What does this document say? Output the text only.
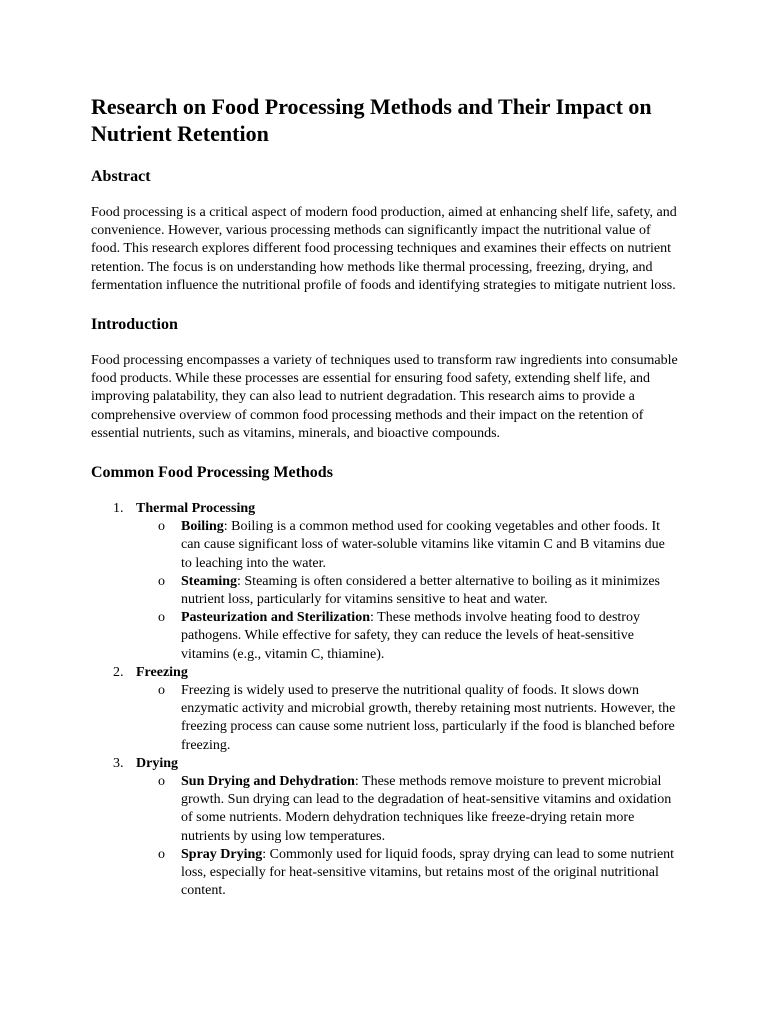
Research on Food Processing Methods and Their Impact on Nutrient Retention
Abstract

Food processing is a critical aspect of modern food production, aimed at enhancing shelf life, safety, and convenience. However, various processing methods can significantly impact the nutritional value of food. This research explores different food processing techniques and examines their effects on nutrient retention. The focus is on understanding how methods like thermal processing, freezing, drying, and fermentation influence the nutritional profile of foods and identifying strategies to mitigate nutrient loss.

Introduction

Food processing encompasses a variety of techniques used to transform raw ingredients into consumable food products. While these processes are essential for ensuring food safety, extending shelf life, and improving palatability, they can also lead to nutrient degradation. This research aims to provide a comprehensive overview of common food processing methods and their impact on the retention of essential nutrients, such as vitamins, minerals, and bioactive compounds.

Common Food Processing Methods
1. Thermal Processing
o Boiling: Boiling is a common method used for cooking vegetables and other foods. It can cause significant loss of water-soluble vitamins like vitamin C and B vitamins due to leaching into the water.
o Steaming: Steaming is often considered a better alternative to boiling as it minimizes nutrient loss, particularly for vitamins sensitive to heat and water.
o Pasteurization and Sterilization: These methods involve heating food to destroy pathogens. While effective for safety, they can reduce the levels of heat-sensitive vitamins (e.g., vitamin C, thiamine).
2. Freezing
o Freezing is widely used to preserve the nutritional quality of foods. It slows down enzymatic activity and microbial growth, thereby retaining most nutrients. However, the freezing process can cause some nutrient loss, particularly if the food is blanched before freezing.
3. Drying
o Sun Drying and Dehydration: These methods remove moisture to prevent microbial growth. Sun drying can lead to the degradation of heat-sensitive vitamins and oxidation of some nutrients. Modern dehydration techniques like freeze-drying retain more nutrients by using low temperatures.
o Spray Drying: Commonly used for liquid foods, spray drying can lead to some nutrient loss, especially for heat-sensitive vitamins, but retains most of the original nutritional content.
